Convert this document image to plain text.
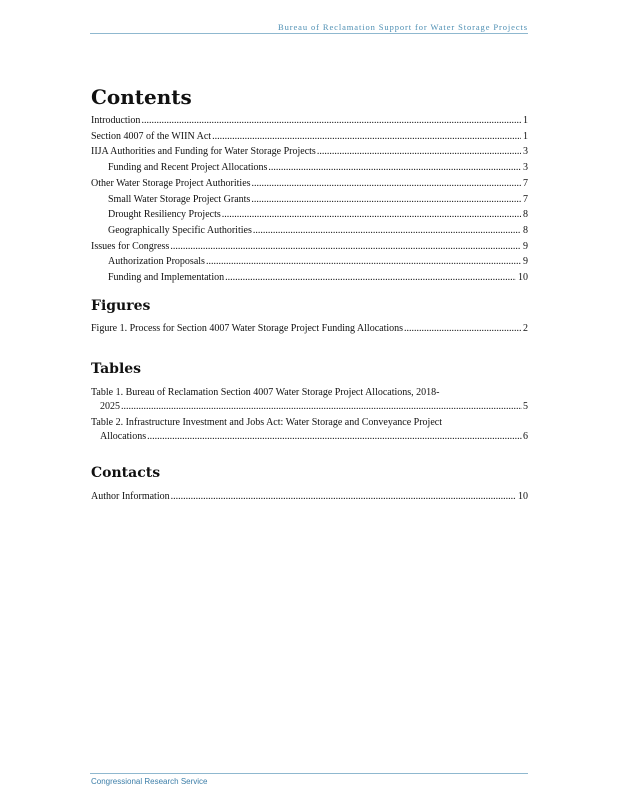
Bureau of Reclamation Support for Water Storage Projects
Contents
Introduction .....	1
Section 4007 of the WIIN Act .....	1
IIJA Authorities and Funding for Water Storage Projects .....	3
Funding and Recent Project Allocations .....	3
Other Water Storage Project Authorities .....	7
Small Water Storage Project Grants .....	7
Drought Resiliency Projects .....	8
Geographically Specific Authorities .....	8
Issues for Congress .....	9
Authorization Proposals .....	9
Funding and Implementation .....	10
Figures
Figure 1. Process for Section 4007 Water Storage Project Funding Allocations .....	2
Tables
Table 1. Bureau of Reclamation Section 4007 Water Storage Project Allocations, 2018-
2025 .....	5
Table 2. Infrastructure Investment and Jobs Act: Water Storage and Conveyance Project
Allocations .....	6
Contacts
Author Information .....	10
Congressional Research Service
